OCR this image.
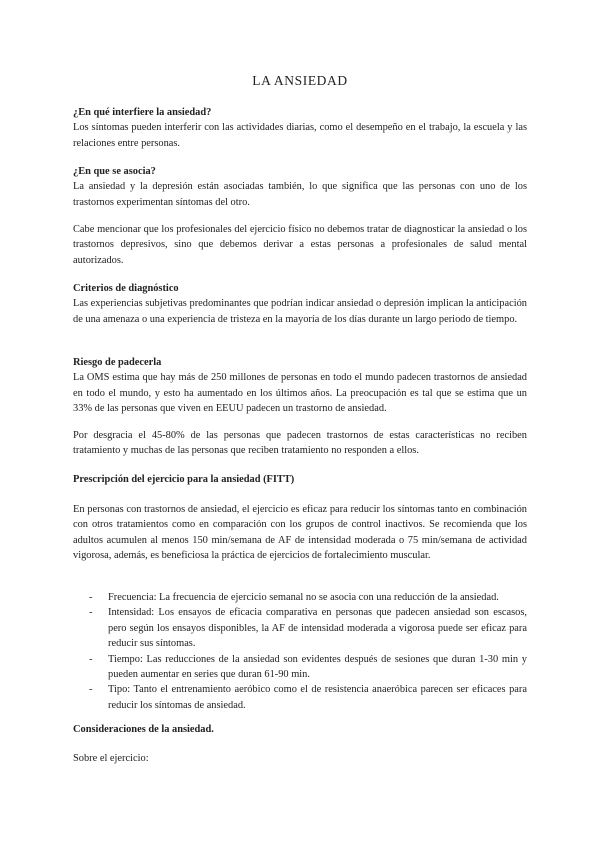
LA ANSIEDAD
¿En qué interfiere la ansiedad?

Los síntomas pueden interferir con las actividades diarias, como el desempeño en el trabajo, la escuela y las relaciones entre personas.

¿En que se asocia?

La ansiedad y la depresión están asociadas también, lo que significa que las personas con uno de los trastornos experimentan síntomas del otro.

Cabe mencionar que los profesionales del ejercicio físico no debemos tratar de diagnosticar la ansiedad o los trastornos depresivos, sino que debemos derivar a estas personas a profesionales de salud mental autorizados.

Criterios de diagnóstico

Las experiencias subjetivas predominantes que podrían indicar ansiedad o depresión implican la anticipación de una amenaza o una experiencia de tristeza en la mayoría de los días durante un largo periodo de tiempo.

Riesgo de padecerla

La OMS estima que hay más de 250 millones de personas en todo el mundo padecen trastornos de ansiedad en todo el mundo, y esto ha aumentado en los últimos años. La preocupación es tal que se estima que un 33% de las personas que viven en EEUU padecen un trastorno de ansiedad.

Por desgracia el 45-80% de las personas que padecen trastornos de estas características no reciben tratamiento y muchas de las personas que reciben tratamiento no responden a ellos.

Prescripción del ejercicio para la ansiedad (FITT)

En personas con trastornos de ansiedad, el ejercicio es eficaz para reducir los síntomas tanto en combinación con otros tratamientos como en comparación con los grupos de control inactivos. Se recomienda que los adultos acumulen al menos 150 min/semana de AF de intensidad moderada o 75 min/semana de actividad vigorosa, además, es beneficiosa la práctica de ejercicios de fortalecimiento muscular.

- Frecuencia: La frecuencia de ejercicio semanal no se asocia con una reducción de la ansiedad.
- Intensidad: Los ensayos de eficacia comparativa en personas que padecen ansiedad son escasos, pero según los ensayos disponibles, la AF de intensidad moderada a vigorosa puede ser eficaz para reducir sus síntomas.
- Tiempo: Las reducciones de la ansiedad son evidentes después de sesiones que duran 1-30 min y pueden aumentar en series que duran 61-90 min.
- Tipo: Tanto el entrenamiento aeróbico como el de resistencia anaeróbica parecen ser eficaces para reducir los síntomas de ansiedad.
Consideraciones de la ansiedad.

Sobre el ejercicio:
